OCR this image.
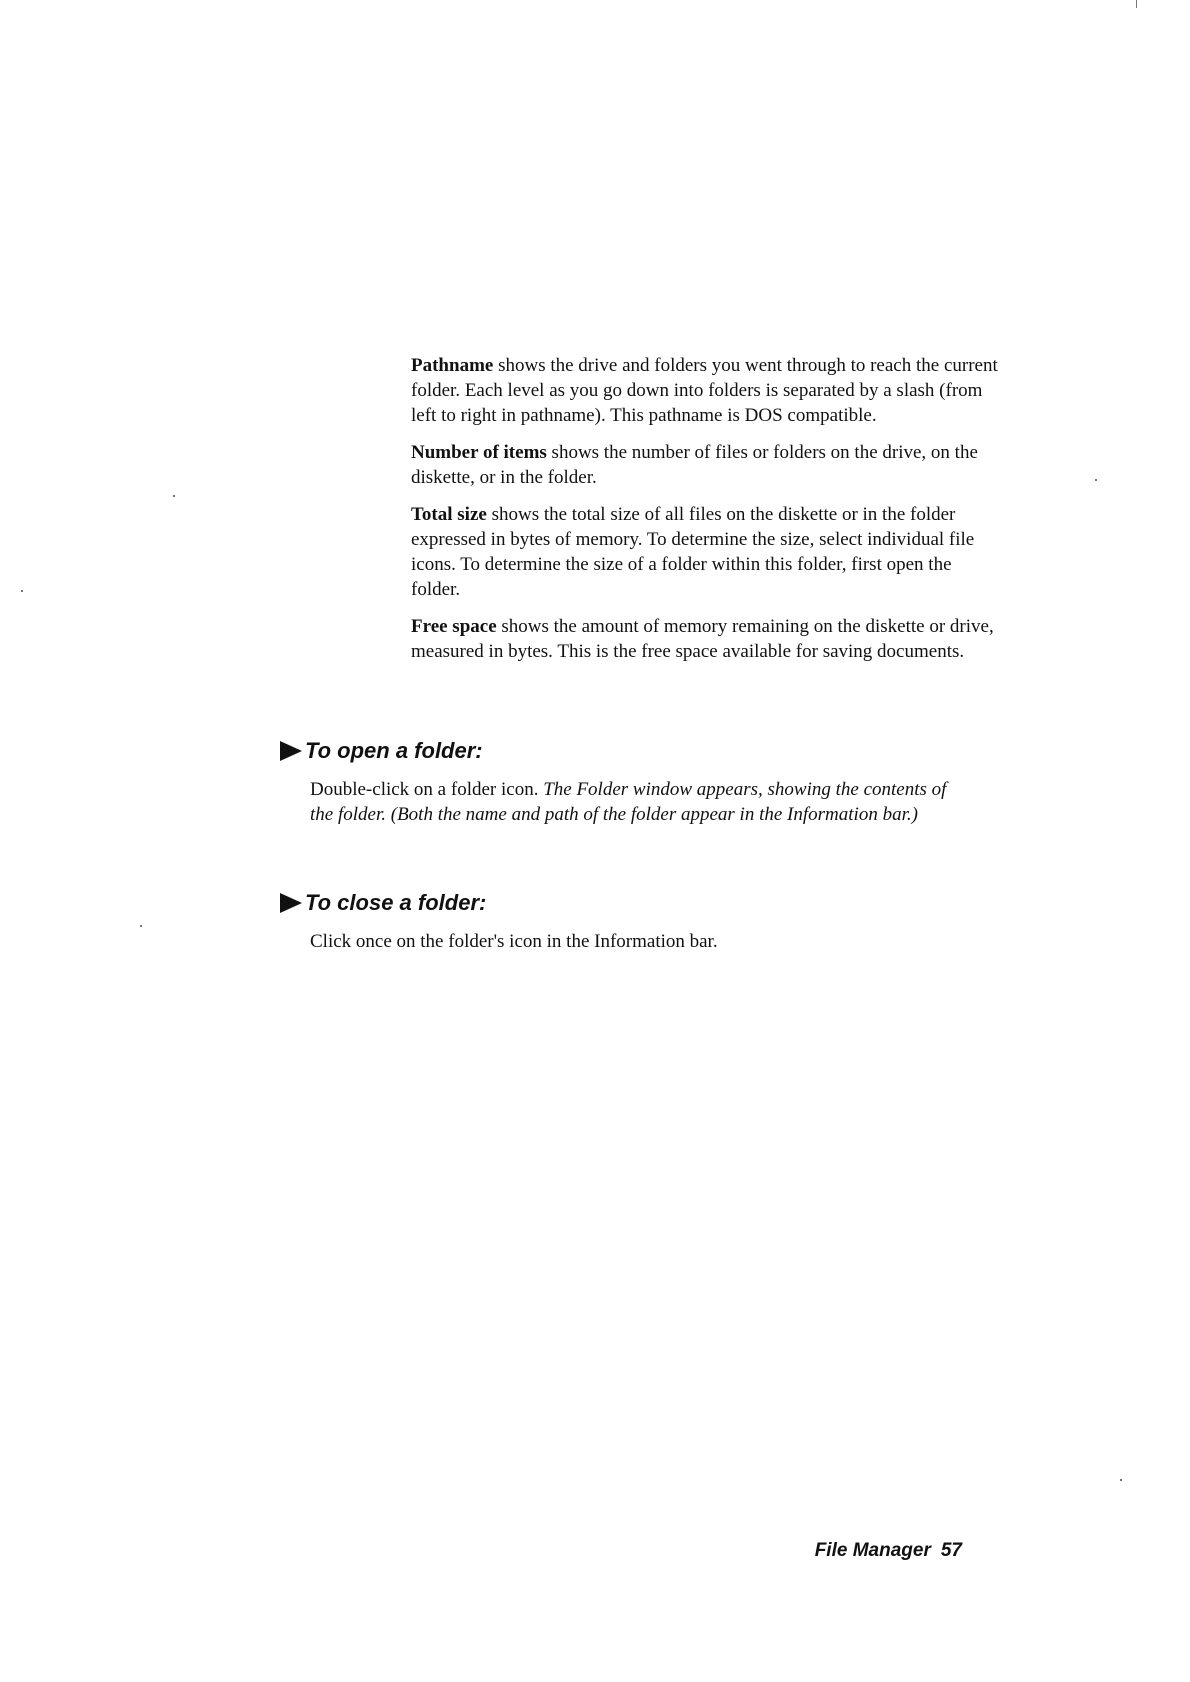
Pathname shows the drive and folders you went through to reach the current folder. Each level as you go down into folders is separated by a slash (from left to right in pathname). This pathname is DOS compatible.

Number of items shows the number of files or folders on the drive, on the diskette, or in the folder.

Total size shows the total size of all files on the diskette or in the folder expressed in bytes of memory. To determine the size, select individual file icons. To determine the size of a folder within this folder, first open the folder.

Free space shows the amount of memory remaining on the diskette or drive, measured in bytes. This is the free space available for saving documents.

To open a folder:

Double-click on a folder icon. The Folder window appears, showing the contents of the folder. (Both the name and path of the folder appear in the Information bar.)

To close a folder:

Click once on the folder's icon in the Information bar.

File Manager 57
